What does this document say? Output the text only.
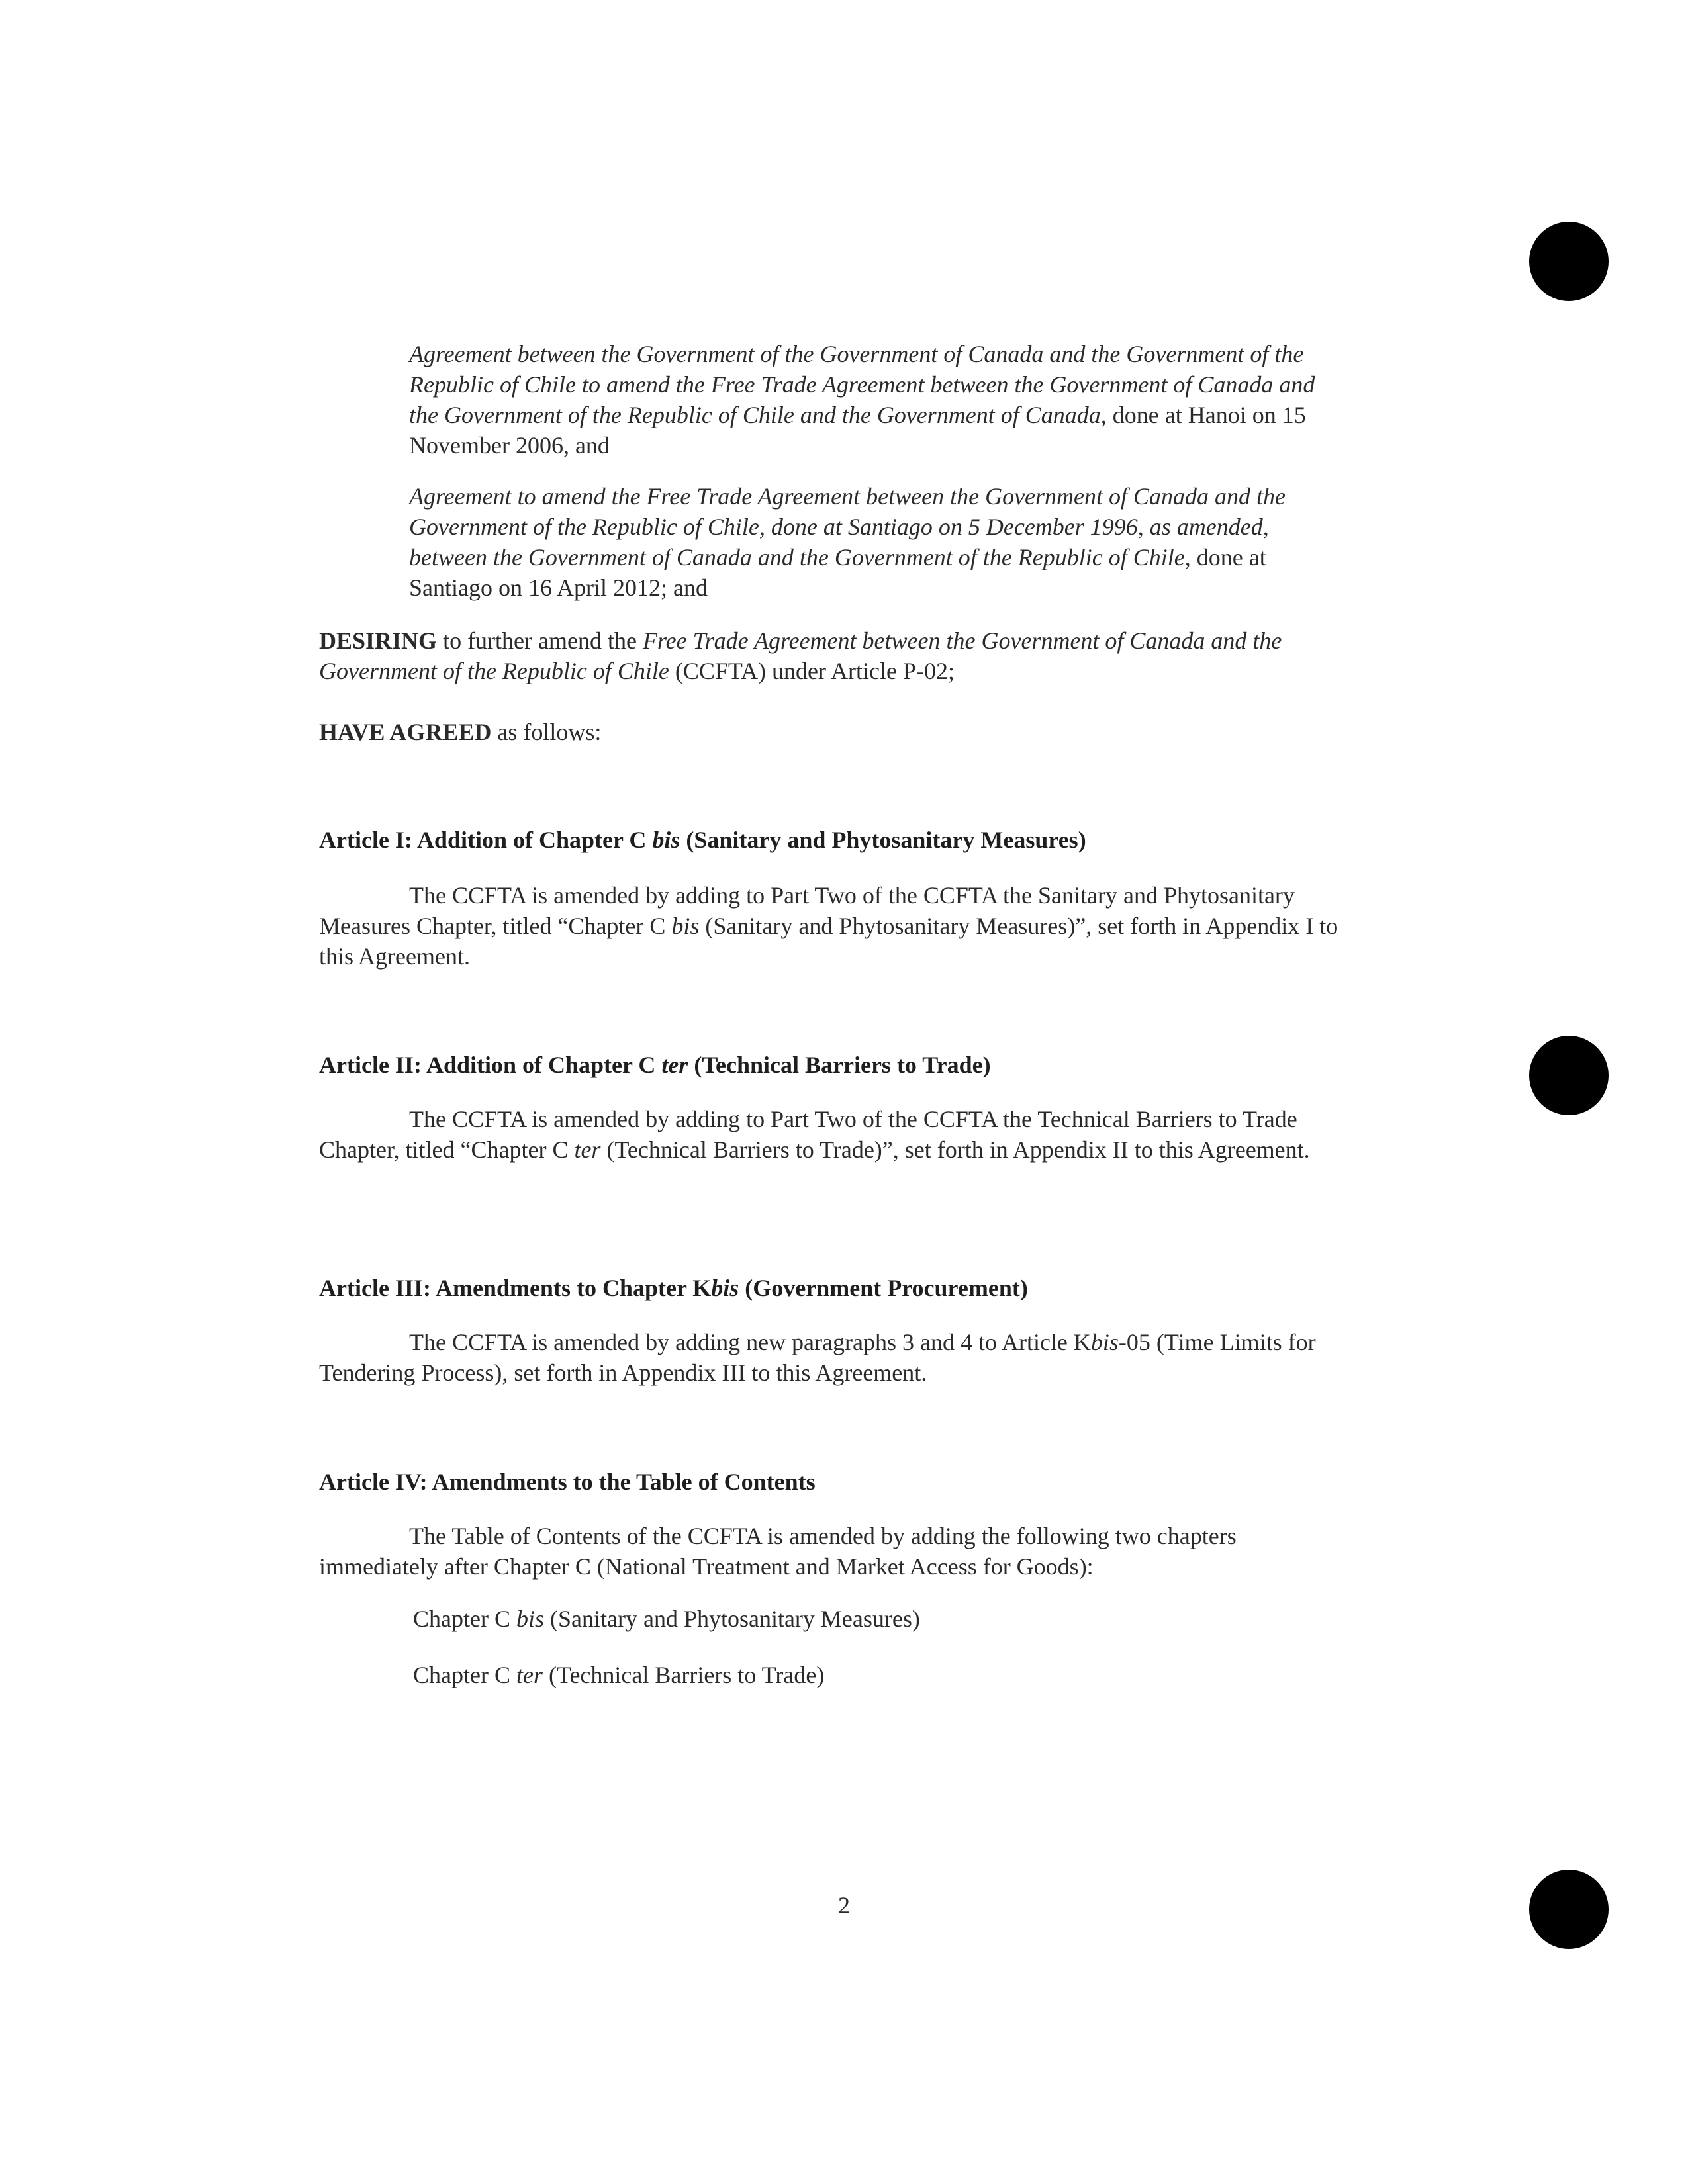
Agreement between the Government of the Government of Canada and the Government of the Republic of Chile to amend the Free Trade Agreement between the Government of Canada and the Government of the Republic of Chile and the Government of Canada, done at Hanoi on 15 November 2006, and

Agreement to amend the Free Trade Agreement between the Government of Canada and the Government of the Republic of Chile, done at Santiago on 5 December 1996, as amended, between the Government of Canada and the Government of the Republic of Chile, done at Santiago on 16 April 2012; and

DESIRING to further amend the Free Trade Agreement between the Government of Canada and the Government of the Republic of Chile (CCFTA) under Article P-02;

HAVE AGREED as follows:

Article I: Addition of Chapter C bis (Sanitary and Phytosanitary Measures)

The CCFTA is amended by adding to Part Two of the CCFTA the Sanitary and Phytosanitary Measures Chapter, titled “Chapter C bis (Sanitary and Phytosanitary Measures)”, set forth in Appendix I to this Agreement.

Article II: Addition of Chapter C ter (Technical Barriers to Trade)

The CCFTA is amended by adding to Part Two of the CCFTA the Technical Barriers to Trade Chapter, titled “Chapter C ter (Technical Barriers to Trade)”, set forth in Appendix II to this Agreement.

Article III: Amendments to Chapter Kbis (Government Procurement)

The CCFTA is amended by adding new paragraphs 3 and 4 to Article Kbis-05 (Time Limits for Tendering Process), set forth in Appendix III to this Agreement.

Article IV: Amendments to the Table of Contents

The Table of Contents of the CCFTA is amended by adding the following two chapters immediately after Chapter C (National Treatment and Market Access for Goods):

Chapter C bis (Sanitary and Phytosanitary Measures)

Chapter C ter (Technical Barriers to Trade)

2
